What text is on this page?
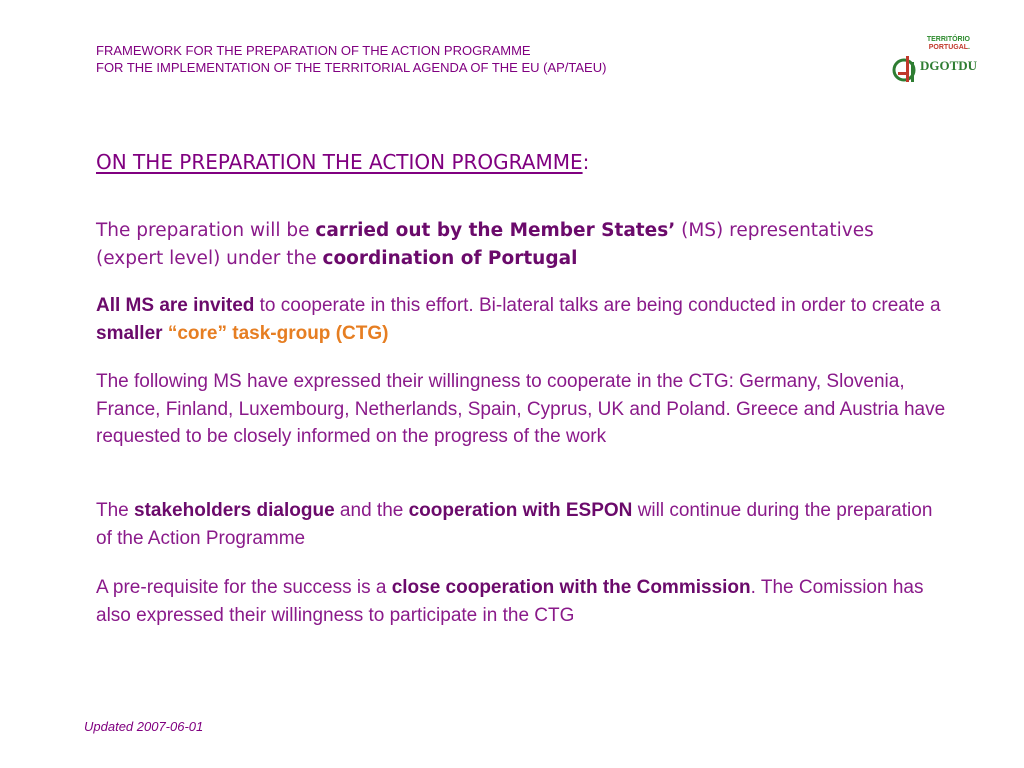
FRAMEWORK FOR THE PREPARATION OF THE ACTION PROGRAMME
FOR THE IMPLEMENTATION OF THE TERRITORIAL AGENDA OF THE EU (AP/TAEU)
TERRITÓRIO
PORTUGAL.
DGOTDU
ON THE PREPARATION THE ACTION PROGRAMME:
The preparation will be carried out by the Member States’ (MS) representatives (expert level) under the coordination of Portugal
All MS are invited to cooperate in this effort. Bi-lateral talks are being conducted in order to create a smaller “core” task-group (CTG)
The following MS have expressed their willingness to cooperate in the CTG: Germany, Slovenia, France, Finland, Luxembourg, Netherlands, Spain, Cyprus, UK and Poland. Greece and Austria have requested to be closely informed on the progress of the work
The stakeholders dialogue and the cooperation with ESPON will continue during the preparation of the Action Programme
A pre-requisite for the success is a close cooperation with the Commission. The Comission has also expressed their willingness to participate in the CTG
Updated 2007-06-01
